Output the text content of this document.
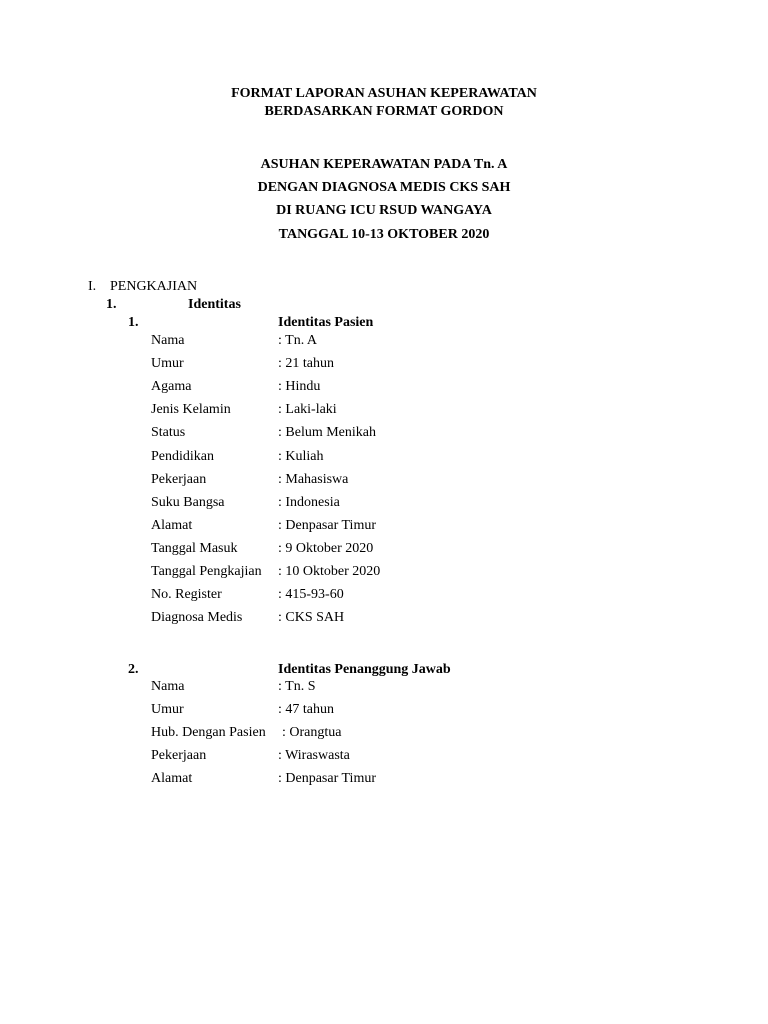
FORMAT LAPORAN ASUHAN KEPERAWATAN
BERDASARKAN FORMAT GORDON
ASUHAN KEPERAWATAN PADA Tn. A
DENGAN DIAGNOSA MEDIS CKS SAH
DI RUANG ICU RSUD WANGAYA
TANGGAL 10-13 OKTOBER 2020
I. PENGKAJIAN
1.	Identitas
1.	Identitas Pasien
Nama	: Tn. A
Umur	: 21 tahun
Agama	: Hindu
Jenis Kelamin	: Laki-laki
Status	: Belum Menikah
Pendidikan	: Kuliah
Pekerjaan	: Mahasiswa
Suku Bangsa	: Indonesia
Alamat	: Denpasar Timur
Tanggal Masuk	: 9 Oktober 2020
Tanggal Pengkajian : 10 Oktober 2020
No. Register	: 415-93-60
Diagnosa Medis	: CKS SAH
2.	Identitas Penanggung Jawab
Nama	: Tn. S
Umur	: 47 tahun
Hub. Dengan Pasien : Orangtua
Pekerjaan	: Wiraswasta
Alamat	: Denpasar Timur
